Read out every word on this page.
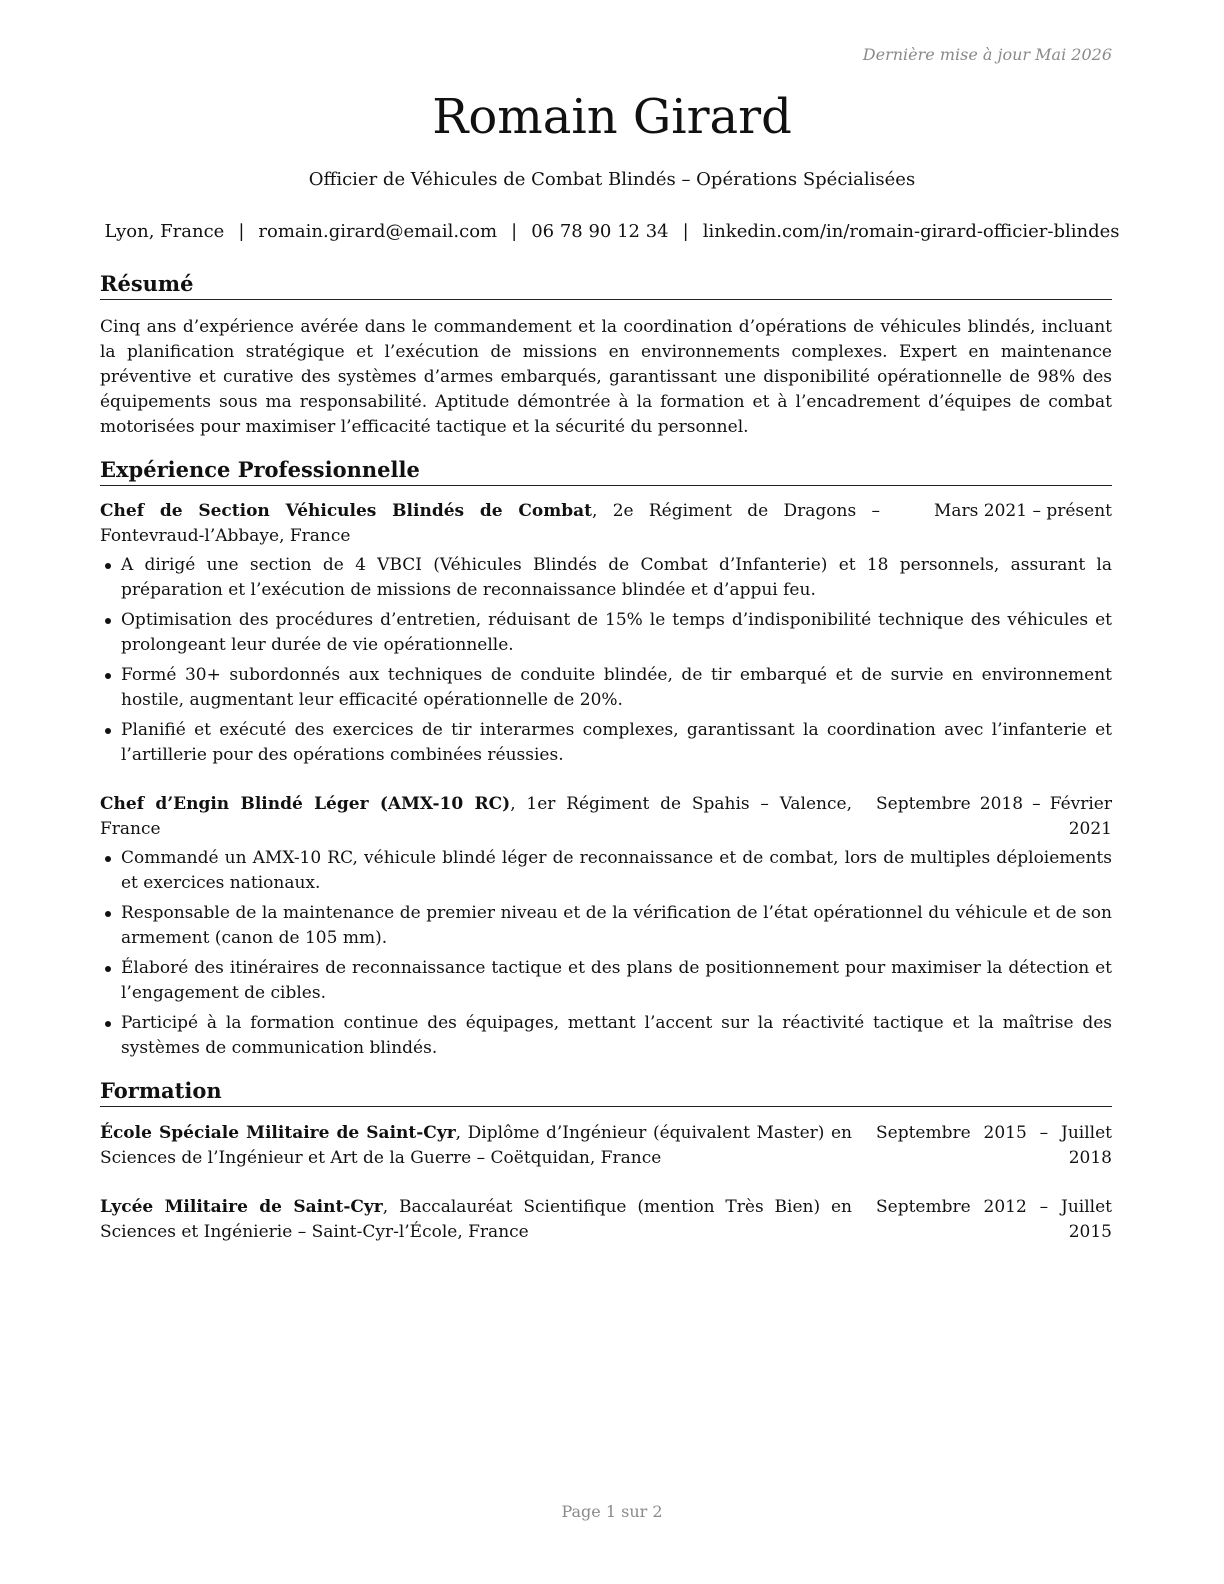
Dernière mise à jour Mai 2026
Romain Girard
Officier de Véhicules de Combat Blindés – Opérations Spécialisées
Lyon, France | romain.girard@email.com | 06 78 90 12 34 | linkedin.com/in/romain-girard-officier-blindes
Résumé
Cinq ans d’expérience avérée dans le commandement et la coordination d’opérations de véhicules blindés, incluant la planification stratégique et l’exécution de missions en environnements complexes. Expert en maintenance préventive et curative des systèmes d’armes embarqués, garantissant une disponibilité opérationnelle de 98% des équipements sous ma responsabilité. Aptitude démontrée à la formation et à l’encadrement d’équipes de combat motorisées pour maximiser l’efficacité tactique et la sécurité du personnel.
Expérience Professionnelle
Chef de Section Véhicules Blindés de Combat, 2e Régiment de Dragons – Fontevraud-l’Abbaye, France
Mars 2021 – présent
A dirigé une section de 4 VBCI (Véhicules Blindés de Combat d’Infanterie) et 18 personnels, assurant la préparation et l’exécution de missions de reconnaissance blindée et d’appui feu.
Optimisation des procédures d’entretien, réduisant de 15% le temps d’indisponibilité technique des véhicules et prolongeant leur durée de vie opérationnelle.
Formé 30+ subordonnés aux techniques de conduite blindée, de tir embarqué et de survie en environnement hostile, augmentant leur efficacité opérationnelle de 20%.
Planifié et exécuté des exercices de tir interarmes complexes, garantissant la coordination avec l’infanterie et l’artillerie pour des opérations combinées réussies.
Chef d’Engin Blindé Léger (AMX-10 RC), 1er Régiment de Spahis – Valence, France
Septembre 2018 – Février 2021
Commandé un AMX-10 RC, véhicule blindé léger de reconnaissance et de combat, lors de multiples déploiements et exercices nationaux.
Responsable de la maintenance de premier niveau et de la vérification de l’état opérationnel du véhicule et de son armement (canon de 105 mm).
Élaboré des itinéraires de reconnaissance tactique et des plans de positionnement pour maximiser la détection et l’engagement de cibles.
Participé à la formation continue des équipages, mettant l’accent sur la réactivité tactique et la maîtrise des systèmes de communication blindés.
Formation
École Spéciale Militaire de Saint-Cyr, Diplôme d’Ingénieur (équivalent Master) en Sciences de l’Ingénieur et Art de la Guerre – Coëtquidan, France
Septembre 2015 – Juillet 2018
Lycée Militaire de Saint-Cyr, Baccalauréat Scientifique (mention Très Bien) en Sciences et Ingénierie – Saint-Cyr-l’École, France
Septembre 2012 – Juillet 2015
Page 1 sur 2
